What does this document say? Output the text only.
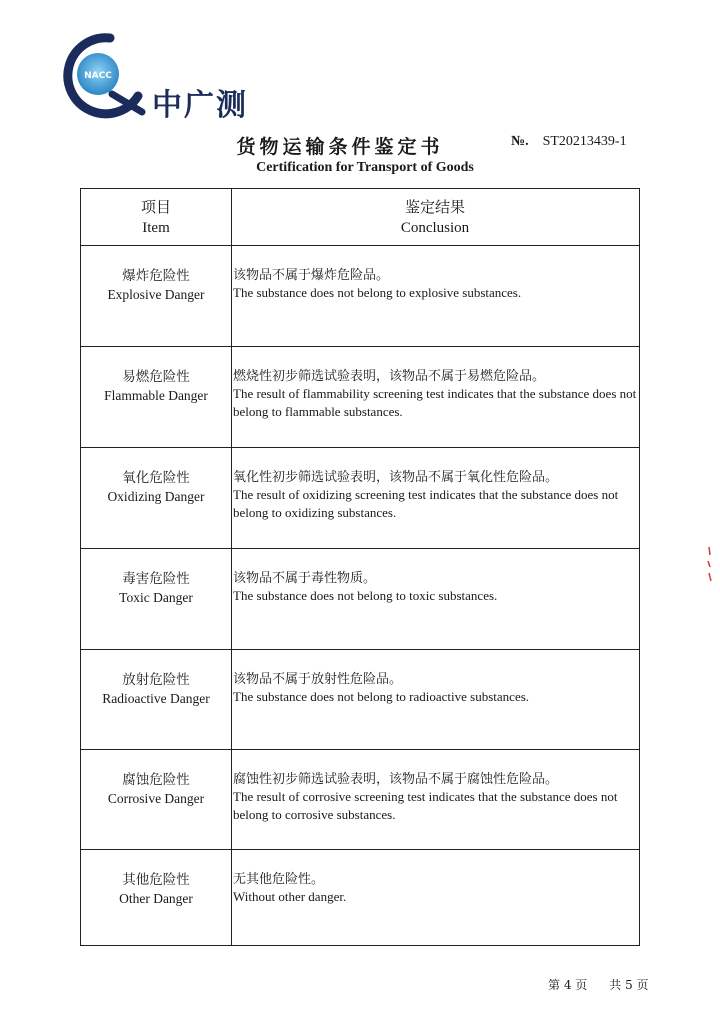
NACC
中广测
货物运输条件鉴定书	№. ST20213439-1
Certification for Transport of Goods
项目
Item
鉴定结果
Conclusion
爆炸危险性
Explosive Danger
该物品不属于爆炸危险品。
The substance does not belong to explosive substances.
易燃危险性
Flammable Danger
燃烧性初步筛选试验表明，该物品不属于易燃危险品。
The result of flammability screening test indicates that the substance does not belong to flammable substances.
氧化危险性
Oxidizing Danger
氧化性初步筛选试验表明，该物品不属于氧化性危险品。
The result of oxidizing screening test indicates that the substance does not belong to oxidizing substances.
毒害危险性
Toxic Danger
该物品不属于毒性物质。
The substance does not belong to toxic substances.
放射危险性
Radioactive Danger
该物品不属于放射性危险品。
The substance does not belong to radioactive substances.
腐蚀危险性
Corrosive Danger
腐蚀性初步筛选试验表明，该物品不属于腐蚀性危险品。
The result of corrosive screening test indicates that the substance does not belong to corrosive substances.
其他危险性
Other Danger
无其他危险性。
Without other danger.
第 4 页 共 5 页
